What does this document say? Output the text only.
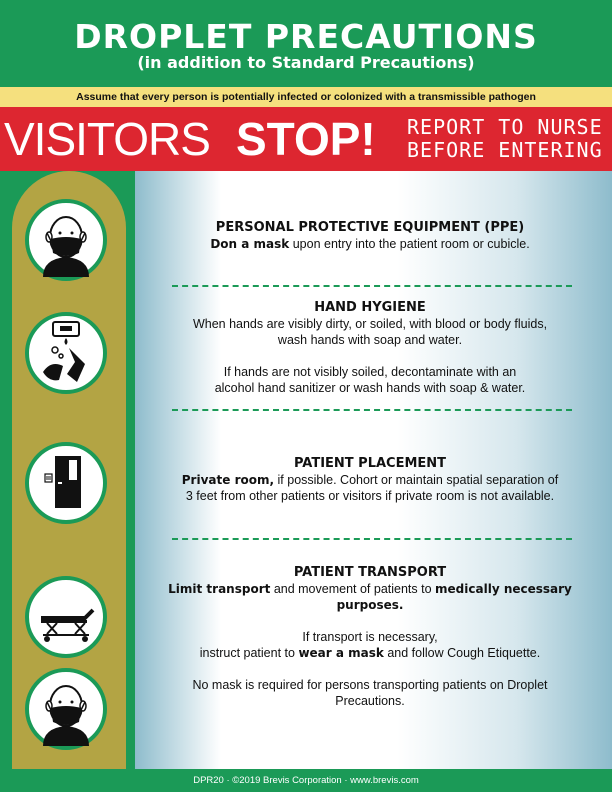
DROPLET PRECAUTIONS
(in addition to Standard Precautions)
Assume that every person is potentially infected or colonized with a transmissible pathogen
VISITORS STOP! REPORT TO NURSE
BEFORE ENTERING
PERSONAL PROTECTIVE EQUIPMENT (PPE)
Don a mask upon entry into the patient room or cubicle.
HAND HYGIENE
When hands are visibly dirty, or soiled, with blood or body fluids,
wash hands with soap and water.
If hands are not visibly soiled, decontaminate with an
alcohol hand sanitizer or wash hands with soap & water.
PATIENT PLACEMENT
Private room, if possible. Cohort or maintain spatial separation of
3 feet from other patients or visitors if private room is not available.
PATIENT TRANSPORT
Limit transport and movement of patients to medically necessary
purposes.
If transport is necessary,
instruct patient to wear a mask and follow Cough Etiquette.
No mask is required for persons transporting patients on Droplet
Precautions.
DPR20 · ©2019 Brevis Corporation · www.brevis.com
